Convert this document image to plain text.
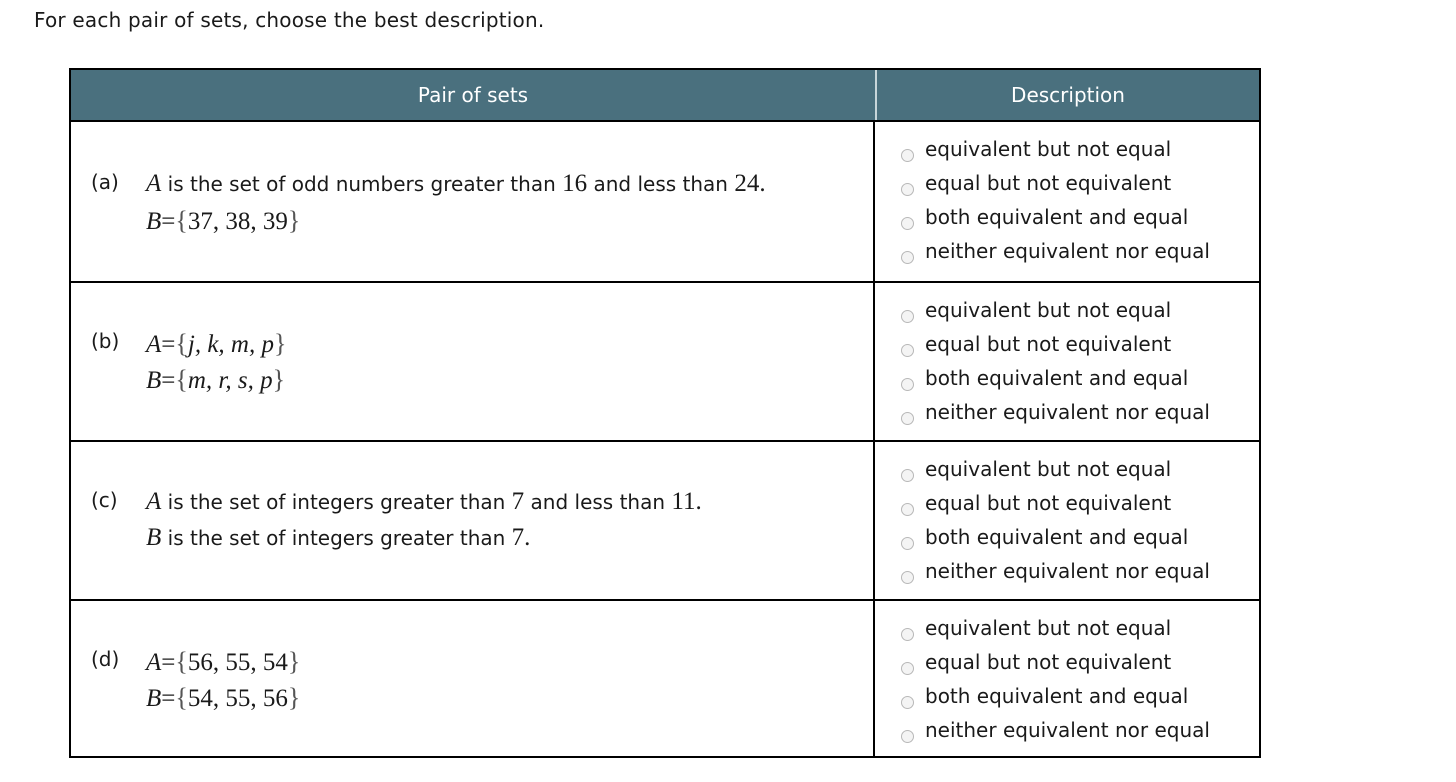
For each pair of sets, choose the best description.
Pair of sets	Description
(a) A is the set of odd numbers greater than 16 and less than 24.
B={37, 38, 39}
equivalent but not equal
equal but not equivalent
both equivalent and equal
neither equivalent nor equal
(b) A={j, k, m, p}
B={m, r, s, p}
equivalent but not equal
equal but not equivalent
both equivalent and equal
neither equivalent nor equal
(c) A is the set of integers greater than 7 and less than 11.
B is the set of integers greater than 7.
equivalent but not equal
equal but not equivalent
both equivalent and equal
neither equivalent nor equal
(d) A={56, 55, 54}
B={54, 55, 56}
equivalent but not equal
equal but not equivalent
both equivalent and equal
neither equivalent nor equal
